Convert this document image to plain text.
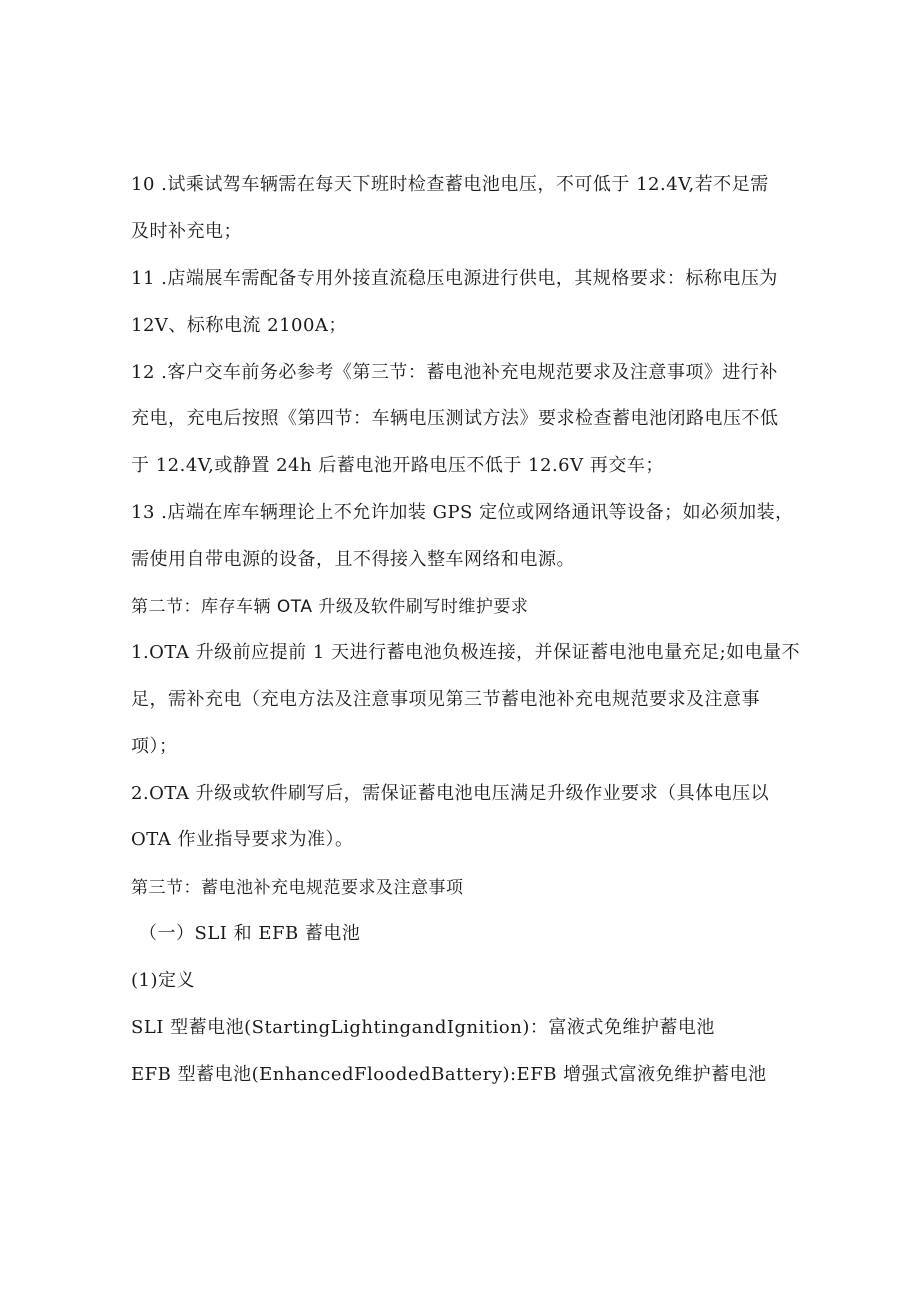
10 .试乘试驾车辆需在每天下班时检查蓄电池电压，不可低于 12.4V,若不足需
及时补充电；
11 .店端展车需配备专用外接直流稳压电源进行供电，其规格要求：标称电压为
12V、标称电流 2100A；
12 .客户交车前务必参考《第三节：蓄电池补充电规范要求及注意事项》进行补
充电，充电后按照《第四节：车辆电压测试方法》要求检查蓄电池闭路电压不低
于 12.4V,或静置 24h 后蓄电池开路电压不低于 12.6V 再交车；
13 .店端在库车辆理论上不允许加装 GPS 定位或网络通讯等设备；如必须加装，
需使用自带电源的设备，且不得接入整车网络和电源。
第二节：库存车辆 OTA 升级及软件刷写时维护要求
1.OTA 升级前应提前 1 天进行蓄电池负极连接，并保证蓄电池电量充足;如电量不
足，需补充电（充电方法及注意事项见第三节蓄电池补充电规范要求及注意事
项）；
2.OTA 升级或软件刷写后，需保证蓄电池电压满足升级作业要求（具体电压以
OTA 作业指导要求为准）。
第三节：蓄电池补充电规范要求及注意事项
（一）SLI 和 EFB 蓄电池
(1)定义
SLI 型蓄电池(StartingLightingandIgnition)：富液式免维护蓄电池
EFB 型蓄电池(EnhancedFloodedBattery):EFB 增强式富液免维护蓄电池
